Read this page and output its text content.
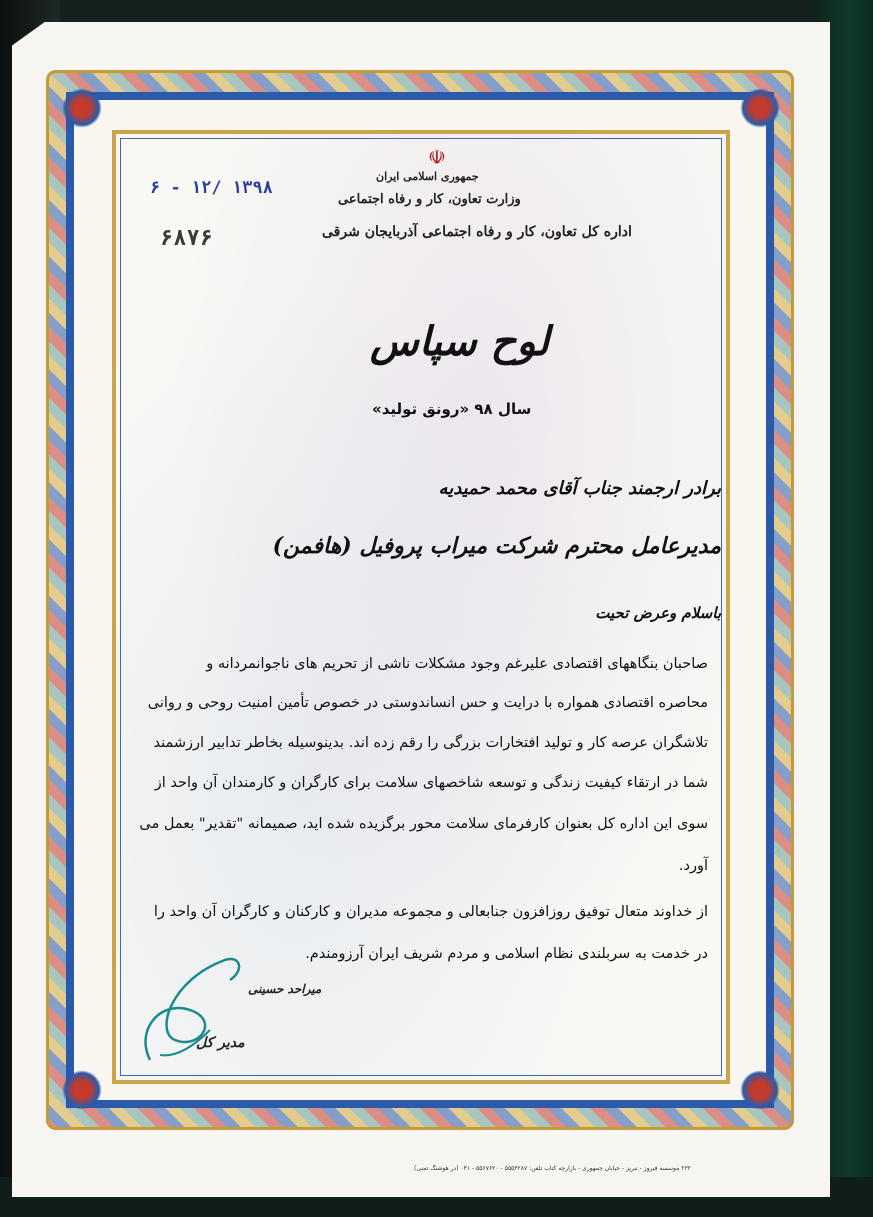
☫
جمهوری اسلامی ایران
وزارت تعاون، کار و رفاه اجتماعی
اداره کل تعاون، کار و رفاه اجتماعی آذربایجان شرقی
۶ - ۱۲/ ۱۳۹۸
۶۸۷۶
لوح سپاس
سال ۹۸ «رونق تولید»
برادر ارجمند جناب آقای محمد حمیدیه
مدیرعامل محترم شرکت میراب پروفیل (هافمن)
باسلام وعرض تحیت
صاحبان بنگاههای اقتصادی علیرغم وجود مشکلات ناشی از تحریم های ناجوانمردانه و
محاصره اقتصادی همواره با درایت و حس انساندوستی در خصوص تأمین امنیت روحی و روانی
تلاشگران عرصه کار و تولید افتخارات بزرگی را رقم زده اند. بدینوسیله بخاطر تدابیر ارزشمند
شما در ارتقاء کیفیت زندگی و توسعه شاخصهای سلامت برای کارگران و کارمندان آن واحد از
سوی این اداره کل بعنوان کارفرمای سلامت محور برگزیده شده اید، صمیمانه "تقدیر" بعمل می
آورد.
از خداوند متعال توفیق روزافزون جنابعالی و مجموعه مدیران و کارکنان و کارگران آن واحد را
در خدمت به سربلندی نظام اسلامی و مردم شریف ایران آرزومندم.
میراحد حسینی
مدیر کل
۲۳۲ موسسه فیروز - تبریز - خیابان جمهوری - بازارچه کتاب تلفن: ۵۵۵۳۲۸۷ - ۵۵۶۷۶۲۰ - ۰۴۱ (در هوشنگ تمنی)
